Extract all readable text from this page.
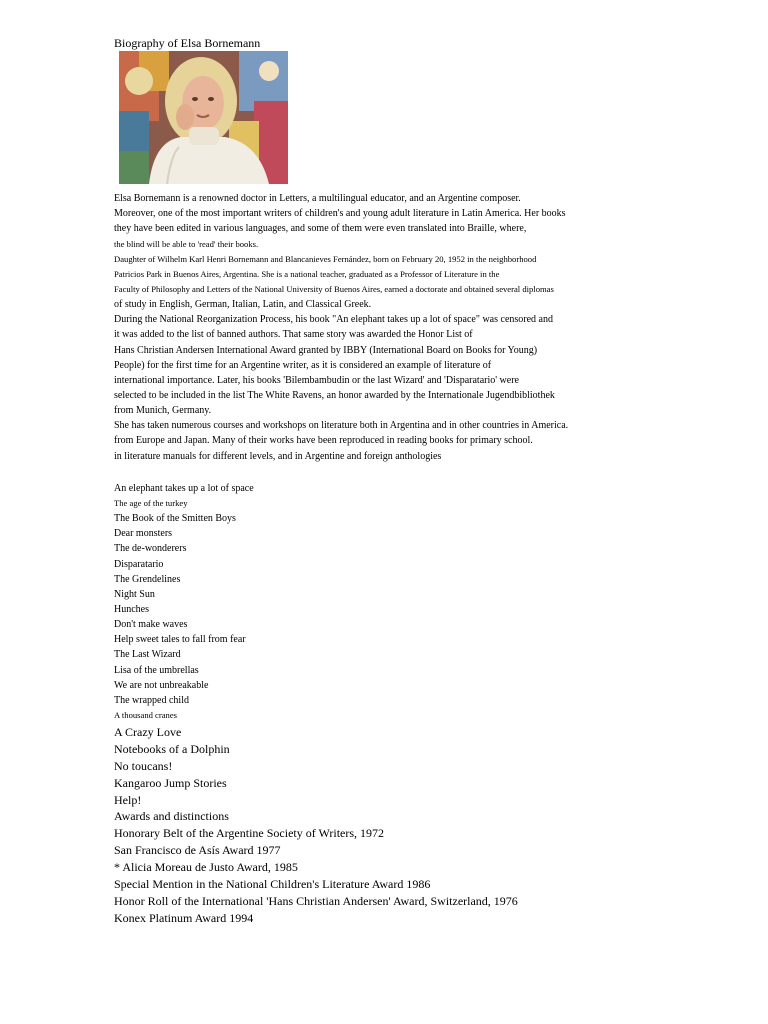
Biography of Elsa Bornemann
Elsa Bornemann is a renowned doctor in Letters, a multilingual educator, and an Argentine composer.
Moreover, one of the most important writers of children's and young adult literature in Latin America. Her books
they have been edited in various languages, and some of them were even translated into Braille, where,
the blind will be able to 'read' their books.
Daughter of Wilhelm Karl Henri Bornemann and Blancanieves Fernández, born on February 20, 1952 in the neighborhood
Patricios Park in Buenos Aires, Argentina. She is a national teacher, graduated as a Professor of Literature in the
Faculty of Philosophy and Letters of the National University of Buenos Aires, earned a doctorate and obtained several diplomas
of study in English, German, Italian, Latin, and Classical Greek.
During the National Reorganization Process, his book "An elephant takes up a lot of space" was censored and
it was added to the list of banned authors. That same story was awarded the Honor List of
Hans Christian Andersen International Award granted by IBBY (International Board on Books for Young)
People) for the first time for an Argentine writer, as it is considered an example of literature of
international importance. Later, his books 'Bilembambudin or the last Wizard' and 'Disparatario' were
selected to be included in the list The White Ravens, an honor awarded by the Internationale Jugendbibliothek
from Munich, Germany.
She has taken numerous courses and workshops on literature both in Argentina and in other countries in America.
from Europe and Japan. Many of their works have been reproduced in reading books for primary school.
in literature manuals for different levels, and in Argentine and foreign anthologies
An elephant takes up a lot of space
The age of the turkey
The Book of the Smitten Boys
Dear monsters
The de-wonderers
Disparatario
The Grendelines
Night Sun
Hunches
Don't make waves
Help sweet tales to fall from fear
The Last Wizard
Lisa of the umbrellas
We are not unbreakable
The wrapped child
A thousand cranes
A Crazy Love
Notebooks of a Dolphin
No toucans!
Kangaroo Jump Stories
Help!
Awards and distinctions
Honorary Belt of the Argentine Society of Writers, 1972
San Francisco de Asís Award 1977
* Alicia Moreau de Justo Award, 1985
Special Mention in the National Children's Literature Award 1986
Honor Roll of the International 'Hans Christian Andersen' Award, Switzerland, 1976
Konex Platinum Award 1994
